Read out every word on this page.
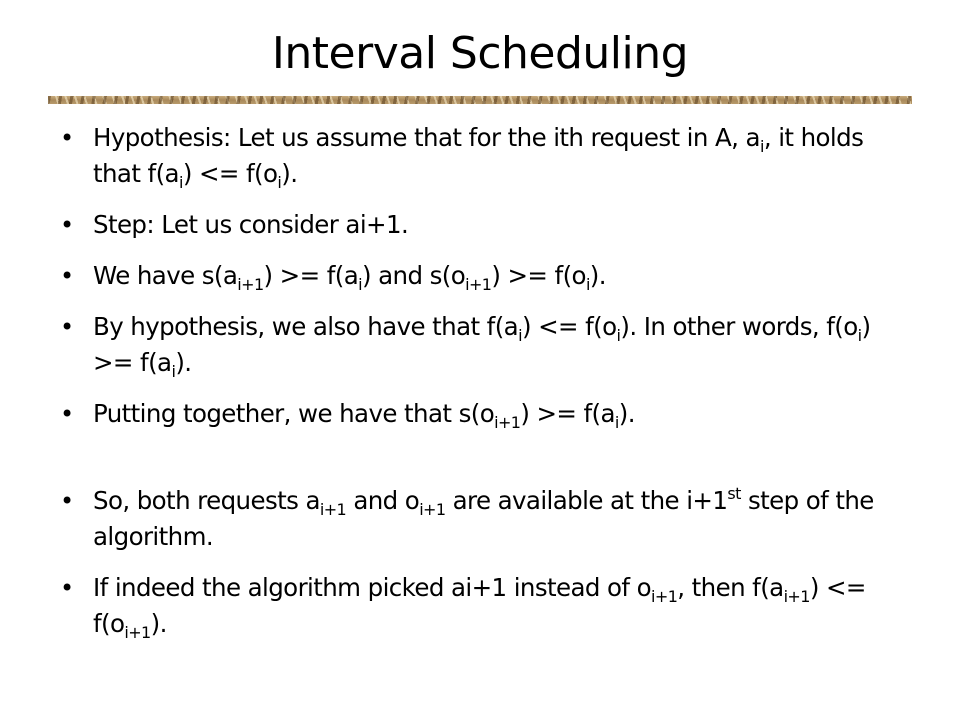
Interval Scheduling
• Hypothesis: Let us assume that for the ith request in A, $a_i$, it holds that $f(a_i) <= f(o_i)$.
• Step: Let us consider ai+1.
• We have $s(a_{i+1}) >= f(a_i)$ and $s(o_{i+1}) >= f(o_i)$.
• By hypothesis, we also have that $f(a_i) <= f(o_i)$. In other words, $f(o_i) >= f(a_i)$.
• Putting together, we have that $s(o_{i+1}) >= f(a_i)$.
• So, both requests $a_{i+1}$ and $o_{i+1}$ are available at the i+1st step of the algorithm.
• If indeed the algorithm picked ai+1 instead of $o_{i+1}$, then $f(a_{i+1}) <= f(o_{i+1})$.
